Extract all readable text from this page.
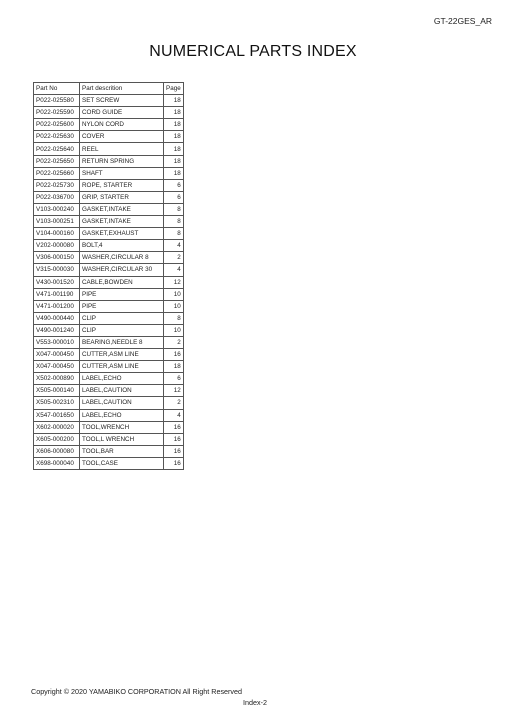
GT-22GES_AR
NUMERICAL PARTS INDEX
Part No	Part descrition	Page
P022-025580	SET SCREW	18
P022-025590	CORD GUIDE	18
P022-025600	NYLON CORD	18
P022-025630	COVER	18
P022-025640	REEL	18
P022-025650	RETURN SPRING	18
P022-025660	SHAFT	18
P022-025730	ROPE, STARTER	6
P022-036700	GRIP, STARTER	6
V103-000240	GASKET,INTAKE	8
V103-000251	GASKET,INTAKE	8
V104-000160	GASKET,EXHAUST	8
V202-000080	BOLT,4	4
V306-000150	WASHER,CIRCULAR 8	2
V315-000030	WASHER,CIRCULAR 30	4
V430-001520	CABLE,BOWDEN	12
V471-001190	PIPE	10
V471-001200	PIPE	10
V490-000440	CLIP	8
V490-001240	CLIP	10
V553-000010	BEARING,NEEDLE 8	2
X047-000450	CUTTER,ASM LINE	16
X047-000450	CUTTER,ASM LINE	18
X502-000890	LABEL,ECHO	6
X505-000140	LABEL,CAUTION	12
X505-002310	LABEL,CAUTION	2
X547-001650	LABEL,ECHO	4
X602-000020	TOOL,WRENCH	16
X605-000200	TOOL,L WRENCH	16
X606-000080	TOOL,BAR	16
X698-000040	TOOL,CASE	16
Copyright © 2020 YAMABIKO CORPORATION All Right Reserved
Index-2
